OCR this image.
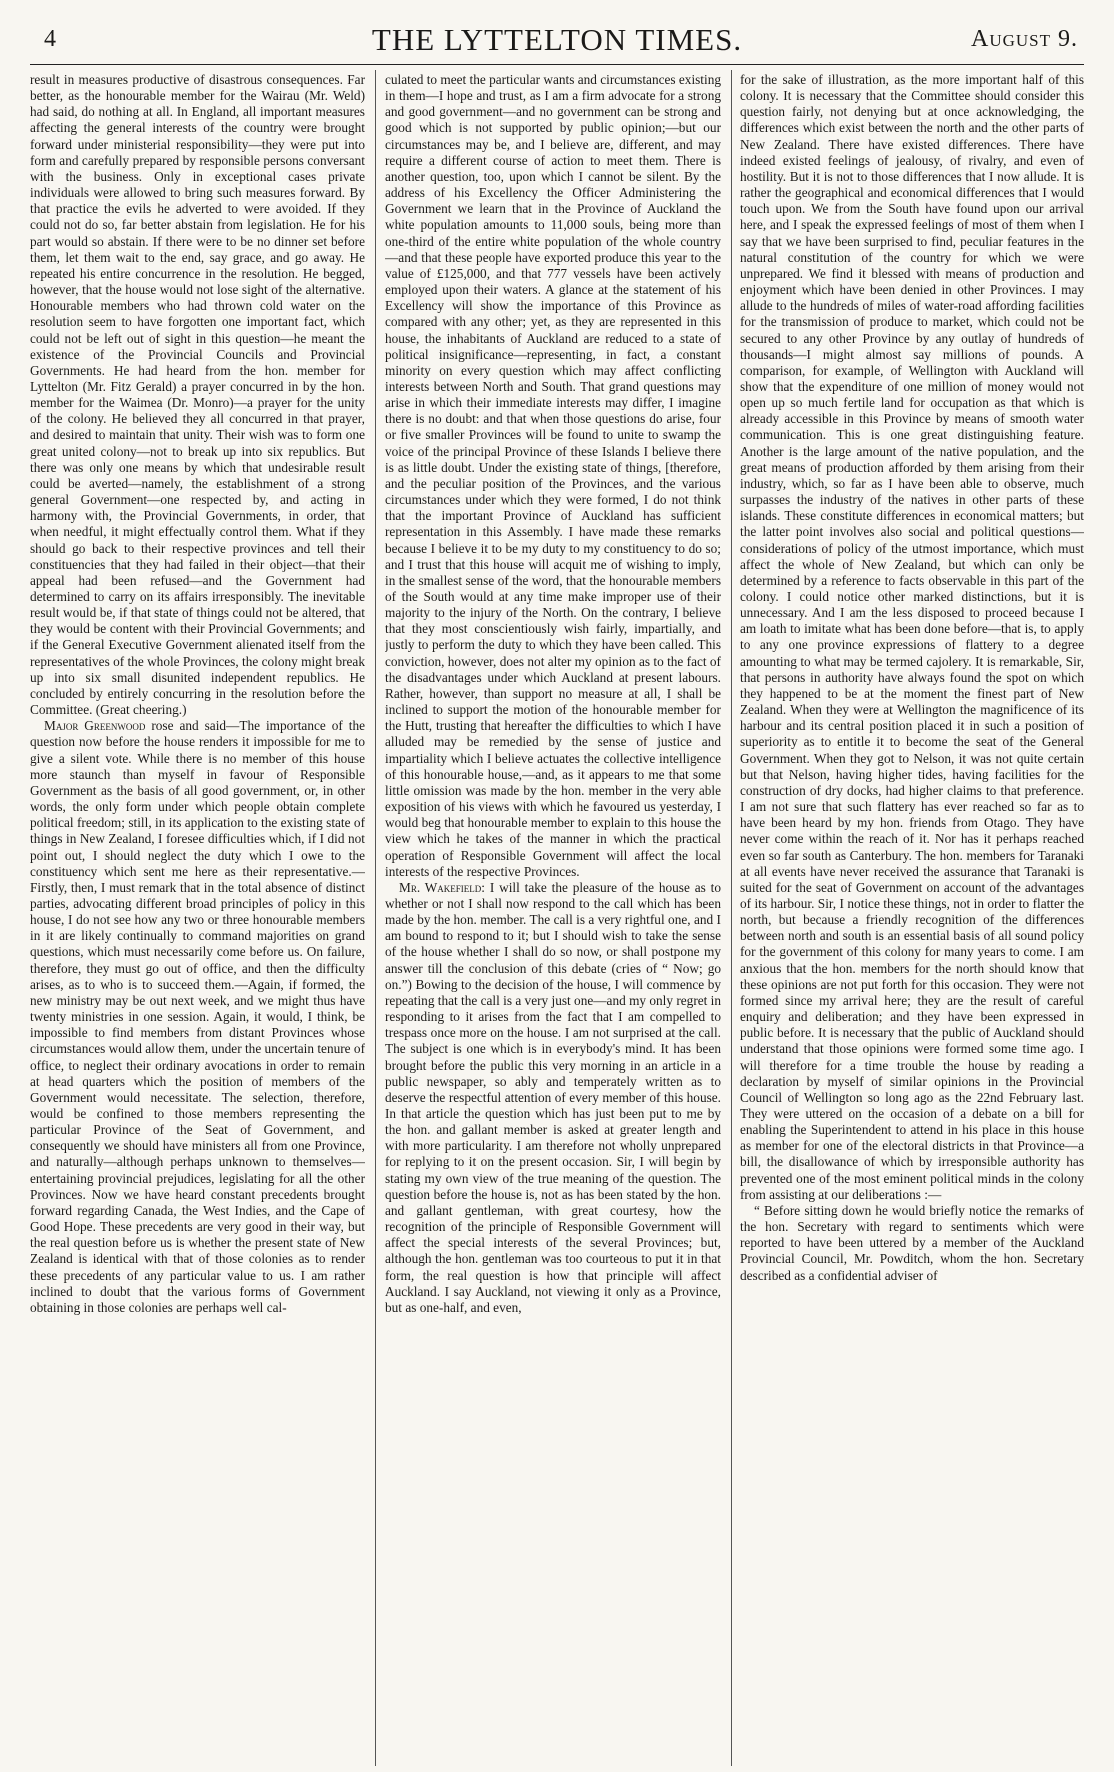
4	THE LYTTELTON TIMES.	August 9.

result in measures productive of disastrous consequences. Far better, as the honourable member for the Wairau (Mr. Weld) had said, do nothing at all. In England, all important measures affecting the general interests of the country were brought forward under ministerial responsibility—they were put into form and carefully prepared by responsible persons conversant with the business. Only in exceptional cases private individuals were allowed to bring such measures forward. By that practice the evils he adverted to were avoided. If they could not do so, far better abstain from legislation. He for his part would so abstain. If there were to be no dinner set before them, let them wait to the end, say grace, and go away. He repeated his entire concurrence in the resolution. He begged, however, that the house would not lose sight of the alternative. Honourable members who had thrown cold water on the resolution seem to have forgotten one important fact, which could not be left out of sight in this question—he meant the existence of the Provincial Councils and Provincial Governments. He had heard from the hon. member for Lyttelton (Mr. Fitz Gerald) a prayer concurred in by the hon. member for the Waimea (Dr. Monro)—a prayer for the unity of the colony. He believed they all concurred in that prayer, and desired to maintain that unity. Their wish was to form one great united colony—not to break up into six republics. But there was only one means by which that undesirable result could be averted—namely, the establishment of a strong general Government—one respected by, and acting in harmony with, the Provincial Governments, in order, that when needful, it might effectually control them. What if they should go back to their respective provinces and tell their constituencies that they had failed in their object—that their appeal had been refused—and the Government had determined to carry on its affairs irresponsibly. The inevitable result would be, if that state of things could not be altered, that they would be content with their Provincial Governments; and if the General Executive Government alienated itself from the representatives of the whole Provinces, the colony might break up into six small disunited independent republics. He concluded by entirely concurring in the resolution before the Committee. (Great cheering.)

Major Greenwood rose and said—The importance of the question now before the house renders it impossible for me to give a silent vote. While there is no member of this house more staunch than myself in favour of Responsible Government as the basis of all good government, or, in other words, the only form under which people obtain complete political freedom; still, in its application to the existing state of things in New Zealand, I foresee difficulties which, if I did not point out, I should neglect the duty which I owe to the constituency which sent me here as their representative.—Firstly, then, I must remark that in the total absence of distinct parties, advocating different broad principles of policy in this house, I do not see how any two or three honourable members in it are likely continually to command majorities on grand questions, which must necessarily come before us. On failure, therefore, they must go out of office, and then the difficulty arises, as to who is to succeed them.—Again, if formed, the new ministry may be out next week, and we might thus have twenty ministries in one session. Again, it would, I think, be impossible to find members from distant Provinces whose circumstances would allow them, under the uncertain tenure of office, to neglect their ordinary avocations in order to remain at head quarters which the position of members of the Government would necessitate. The selection, therefore, would be confined to those members representing the particular Province of the Seat of Government, and consequently we should have ministers all from one Province, and naturally—although perhaps unknown to themselves—entertaining provincial prejudices, legislating for all the other Provinces. Now we have heard constant precedents brought forward regarding Canada, the West Indies, and the Cape of Good Hope. These precedents are very good in their way, but the real question before us is whether the present state of New Zealand is identical with that of those colonies as to render these precedents of any particular value to us. I am rather inclined to doubt that the various forms of Government obtaining in those colonies are perhaps well cal-

culated to meet the particular wants and circumstances existing in them—I hope and trust, as I am a firm advocate for a strong and good government—and no government can be strong and good which is not supported by public opinion;—but our circumstances may be, and I believe are, different, and may require a different course of action to meet them. There is another question, too, upon which I cannot be silent. By the address of his Excellency the Officer Administering the Government we learn that in the Province of Auckland the white population amounts to 11,000 souls, being more than one-third of the entire white population of the whole country—and that these people have exported produce this year to the value of £125,000, and that 777 vessels have been actively employed upon their waters. A glance at the statement of his Excellency will show the importance of this Province as compared with any other; yet, as they are represented in this house, the inhabitants of Auckland are reduced to a state of political insignificance—representing, in fact, a constant minority on every question which may affect conflicting interests between North and South. That grand questions may arise in which their immediate interests may differ, I imagine there is no doubt: and that when those questions do arise, four or five smaller Provinces will be found to unite to swamp the voice of the principal Province of these Islands I believe there is as little doubt. Under the existing state of things, [therefore, and the peculiar position of the Provinces, and the various circumstances under which they were formed, I do not think that the important Province of Auckland has sufficient representation in this Assembly. I have made these remarks because I believe it to be my duty to my constituency to do so; and I trust that this house will acquit me of wishing to imply, in the smallest sense of the word, that the honourable members of the South would at any time make improper use of their majority to the injury of the North. On the contrary, I believe that they most conscientiously wish fairly, impartially, and justly to perform the duty to which they have been called. This conviction, however, does not alter my opinion as to the fact of the disadvantages under which Auckland at present labours. Rather, however, than support no measure at all, I shall be inclined to support the motion of the honourable member for the Hutt, trusting that hereafter the difficulties to which I have alluded may be remedied by the sense of justice and impartiality which I believe actuates the collective intelligence of this honourable house,—and, as it appears to me that some little omission was made by the hon. member in the very able exposition of his views with which he favoured us yesterday, I would beg that honourable member to explain to this house the view which he takes of the manner in which the practical operation of Responsible Government will affect the local interests of the respective Provinces.

Mr. Wakefield: I will take the pleasure of the house as to whether or not I shall now respond to the call which has been made by the hon. member. The call is a very rightful one, and I am bound to respond to it; but I should wish to take the sense of the house whether I shall do so now, or shall postpone my answer till the conclusion of this debate (cries of “ Now; go on.”) Bowing to the decision of the house, I will commence by repeating that the call is a very just one—and my only regret in responding to it arises from the fact that I am compelled to trespass once more on the house. I am not surprised at the call. The subject is one which is in everybody's mind. It has been brought before the public this very morning in an article in a public newspaper, so ably and temperately written as to deserve the respectful attention of every member of this house. In that article the question which has just been put to me by the hon. and gallant member is asked at greater length and with more particularity. I am therefore not wholly unprepared for replying to it on the present occasion. Sir, I will begin by stating my own view of the true meaning of the question. The question before the house is, not as has been stated by the hon. and gallant gentleman, with great courtesy, how the recognition of the principle of Responsible Government will affect the special interests of the several Provinces; but, although the hon. gentleman was too courteous to put it in that form, the real question is how that principle will affect Auckland. I say Auckland, not viewing it only as a Province, but as one-half, and even,

for the sake of illustration, as the more important half of this colony. It is necessary that the Committee should consider this question fairly, not denying but at once acknowledging, the differences which exist between the north and the other parts of New Zealand. There have existed differences. There have indeed existed feelings of jealousy, of rivalry, and even of hostility. But it is not to those differences that I now allude. It is rather the geographical and economical differences that I would touch upon. We from the South have found upon our arrival here, and I speak the expressed feelings of most of them when I say that we have been surprised to find, peculiar features in the natural constitution of the country for which we were unprepared. We find it blessed with means of production and enjoyment which have been denied in other Provinces. I may allude to the hundreds of miles of water-road affording facilities for the transmission of produce to market, which could not be secured to any other Province by any outlay of hundreds of thousands—I might almost say millions of pounds. A comparison, for example, of Wellington with Auckland will show that the expenditure of one million of money would not open up so much fertile land for occupation as that which is already accessible in this Province by means of smooth water communication. This is one great distinguishing feature. Another is the large amount of the native population, and the great means of production afforded by them arising from their industry, which, so far as I have been able to observe, much surpasses the industry of the natives in other parts of these islands. These constitute differences in economical matters; but the latter point involves also social and political questions—considerations of policy of the utmost importance, which must affect the whole of New Zealand, but which can only be determined by a reference to facts observable in this part of the colony. I could notice other marked distinctions, but it is unnecessary. And I am the less disposed to proceed because I am loath to imitate what has been done before—that is, to apply to any one province expressions of flattery to a degree amounting to what may be termed cajolery. It is remarkable, Sir, that persons in authority have always found the spot on which they happened to be at the moment the finest part of New Zealand. When they were at Wellington the magnificence of its harbour and its central position placed it in such a position of superiority as to entitle it to become the seat of the General Government. When they got to Nelson, it was not quite certain but that Nelson, having higher tides, having facilities for the construction of dry docks, had higher claims to that preference. I am not sure that such flattery has ever reached so far as to have been heard by my hon. friends from Otago. They have never come within the reach of it. Nor has it perhaps reached even so far south as Canterbury. The hon. members for Taranaki at all events have never received the assurance that Taranaki is suited for the seat of Government on account of the advantages of its harbour. Sir, I notice these things, not in order to flatter the north, but because a friendly recognition of the differences between north and south is an essential basis of all sound policy for the government of this colony for many years to come. I am anxious that the hon. members for the north should know that these opinions are not put forth for this occasion. They were not formed since my arrival here; they are the result of careful enquiry and deliberation; and they have been expressed in public before. It is necessary that the public of Auckland should understand that those opinions were formed some time ago. I will therefore for a time trouble the house by reading a declaration by myself of similar opinions in the Provincial Council of Wellington so long ago as the 22nd February last. They were uttered on the occasion of a debate on a bill for enabling the Superintendent to attend in his place in this house as member for one of the electoral districts in that Province—a bill, the disallowance of which by irresponsible authority has prevented one of the most eminent political minds in the colony from assisting at our deliberations :—

“ Before sitting down he would briefly notice the remarks of the hon. Secretary with regard to sentiments which were reported to have been uttered by a member of the Auckland Provincial Council, Mr. Powditch, whom the hon. Secretary described as a confidential adviser of
